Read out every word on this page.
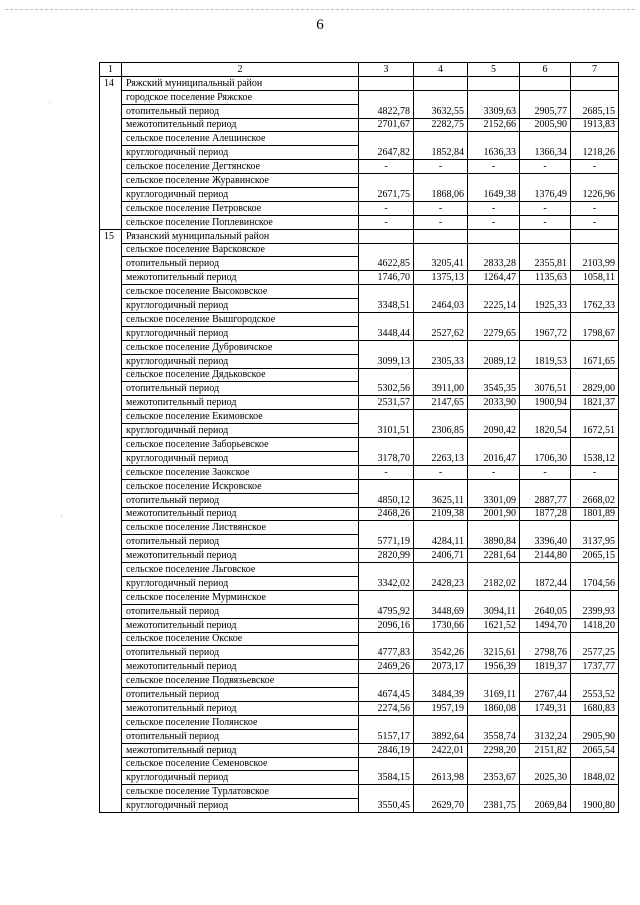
6
1	2	3	4	5	6	7
14	Ряжский муниципальный район					
	городское поселение Ряжское					
	отопительный период	4822,78	3632,55	3309,63	2905,77	2685,15
	межотопительный период	2701,67	2282,75	2152,66	2005,90	1913,83
	сельское поселение Алешинское					
	круглогодичный период	2647,82	1852,84	1636,33	1366,34	1218,26
	сельское поселение Дегтянское	-	-	-	-	-
	сельское поселение Журавинское					
	круглогодичный период	2671,75	1868,06	1649,38	1376,49	1226,96
	сельское поселение Петровское	-	-	-	-	-
	сельское поселение Поплевинское	-	-	-	-	-
15	Рязанский муниципальный район					
	сельское поселение Варсковское					
	отопительный период	4622,85	3205,41	2833,28	2355,81	2103,99
	межотопительный период	1746,70	1375,13	1264,47	1135,63	1058,11
	сельское поселение Высоковское					
	круглогодичный период	3348,51	2464,03	2225,14	1925,33	1762,33
	сельское поселение Вышгородское					
	круглогодичный период	3448,44	2527,62	2279,65	1967,72	1798,67
	сельское поселение Дубровичское					
	круглогодичный период	3099,13	2305,33	2089,12	1819,53	1671,65
	сельское поселение Дядьковское					
	отопительный период	5302,56	3911,00	3545,35	3076,51	2829,00
	межотопительный период	2531,57	2147,65	2033,90	1900,94	1821,37
	сельское поселение Екимовское					
	круглогодичный период	3101,51	2306,85	2090,42	1820,54	1672,51
	сельское поселение Заборьевское					
	круглогодичный период	3178,70	2263,13	2016,47	1706,30	1538,12
	сельское поселение Заокское	-	-	-	-	-
	сельское поселение Искровское					
	отопительный период	4850,12	3625,11	3301,09	2887,77	2668,02
	межотопительный период	2468,26	2109,38	2001,90	1877,28	1801,89
	сельское поселение Листвянское					
	отопительный период	5771,19	4284,11	3890,84	3396,40	3137,95
	межотопительный период	2820,99	2406,71	2281,64	2144,80	2065,15
	сельское поселение Льговское					
	круглогодичный период	3342,02	2428,23	2182,02	1872,44	1704,56
	сельское поселение Мурминское					
	отопительный период	4795,92	3448,69	3094,11	2640,05	2399,93
	межотопительный период	2096,16	1730,66	1621,52	1494,70	1418,20
	сельское поселение Окское					
	отопительный период	4777,83	3542,26	3215,61	2798,76	2577,25
	межотопительный период	2469,26	2073,17	1956,39	1819,37	1737,77
	сельское поселение Подвязьевское					
	отопительный период	4674,45	3484,39	3169,11	2767,44	2553,52
	межотопительный период	2274,56	1957,19	1860,08	1749,31	1680,83
	сельское поселение Полянское					
	отопительный период	5157,17	3892,64	3558,74	3132,24	2905,90
	межотопительный период	2846,19	2422,01	2298,20	2151,82	2065,54
	сельское поселение Семеновское					
	круглогодичный период	3584,15	2613,98	2353,67	2025,30	1848,02
	сельское поселение Турлатовское					
	круглогодичный период	3550,45	2629,70	2381,75	2069,84	1900,80
·
·
·
